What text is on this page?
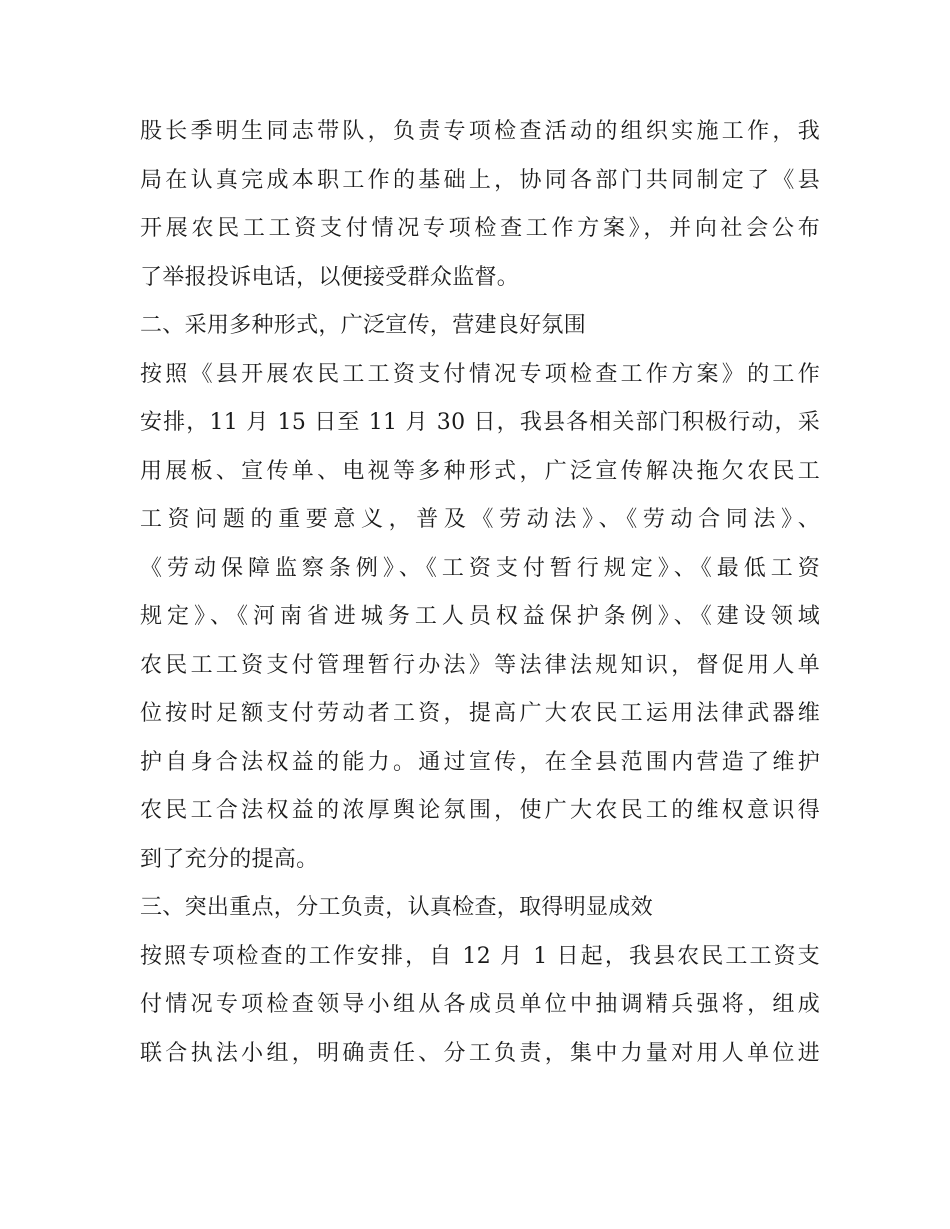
股长季明生同志带队，负责专项检查活动的组织实施工作，我
局在认真完成本职工作的基础上，协同各部门共同制定了《县
开展农民工工资支付情况专项检查工作方案》，并向社会公布
了举报投诉电话，以便接受群众监督。
二、采用多种形式，广泛宣传，营建良好氛围
按照《县开展农民工工资支付情况专项检查工作方案》的工作
安排，11 月 15 日至 11 月 30 日，我县各相关部门积极行动，采
用展板、宣传单、电视等多种形式，广泛宣传解决拖欠农民工
工资问题的重要意义，普及《劳动法》、《劳动合同法》、
《劳动保障监察条例》、《工资支付暂行规定》、《最低工资
规定》、《河南省进城务工人员权益保护条例》、《建设领域
农民工工资支付管理暂行办法》等法律法规知识，督促用人单
位按时足额支付劳动者工资，提高广大农民工运用法律武器维
护自身合法权益的能力。通过宣传，在全县范围内营造了维护
农民工合法权益的浓厚舆论氛围，使广大农民工的维权意识得
到了充分的提高。
三、突出重点，分工负责，认真检查，取得明显成效
按照专项检查的工作安排，自 12 月 1 日起，我县农民工工资支
付情况专项检查领导小组从各成员单位中抽调精兵强将，组成
联合执法小组，明确责任、分工负责，集中力量对用人单位进
